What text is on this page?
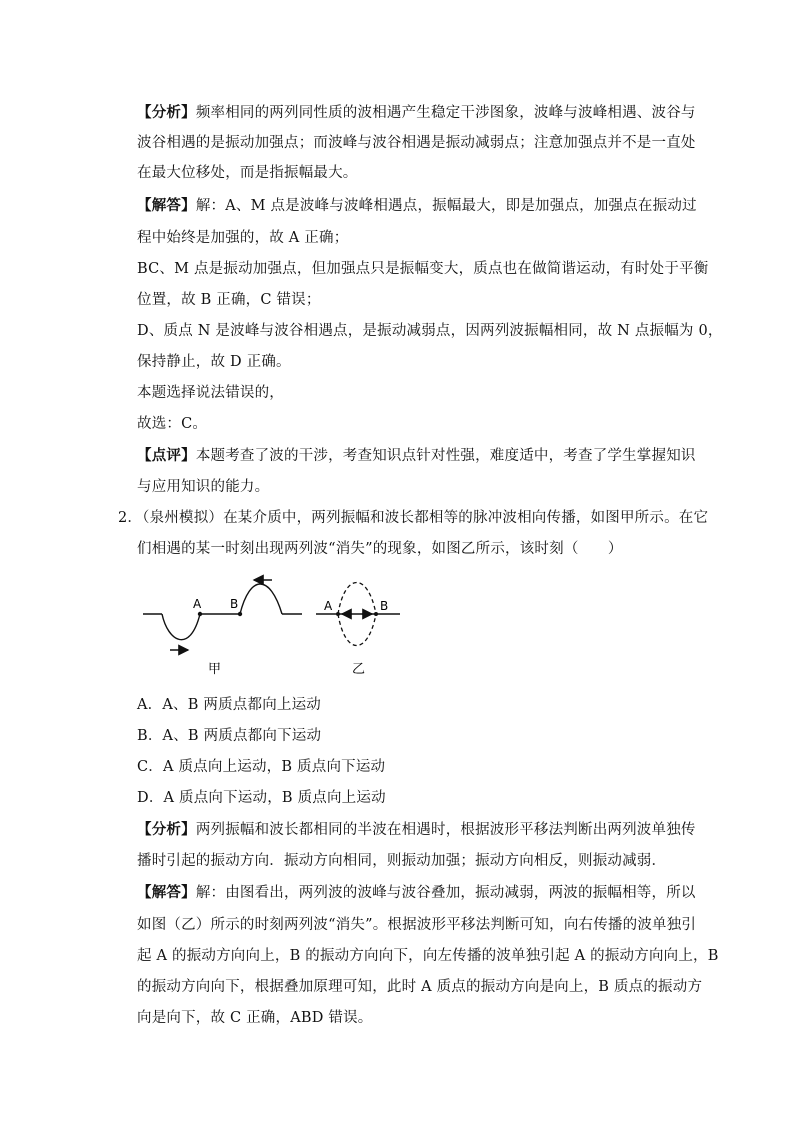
【分析】频率相同的两列同性质的波相遇产生稳定干涉图象，波峰与波峰相遇、波谷与
波谷相遇的是振动加强点；而波峰与波谷相遇是振动减弱点；注意加强点并不是一直处
在最大位移处，而是指振幅最大。
【解答】解：A、M 点是波峰与波峰相遇点，振幅最大，即是加强点，加强点在振动过
程中始终是加强的，故 A 正确；
BC、M 点是振动加强点，但加强点只是振幅变大，质点也在做简谐运动，有时处于平衡
位置，故 B 正确，C 错误；
D、质点 N 是波峰与波谷相遇点，是振动减弱点，因两列波振幅相同，故 N 点振幅为 0，
保持静止，故 D 正确。
本题选择说法错误的，
故选：C。
【点评】本题考查了波的干涉，考查知识点针对性强，难度适中，考查了学生掌握知识
与应用知识的能力。
2．（泉州模拟）在某介质中，两列振幅和波长都相等的脉冲波相向传播，如图甲所示。在它
们相遇的某一时刻出现两列波“消失”的现象，如图乙所示，该时刻（　　）
A B
甲
A	B
乙
A．A、B 两质点都向上运动
B．A、B 两质点都向下运动
C．A 质点向上运动，B 质点向下运动
D．A 质点向下运动，B 质点向上运动
【分析】两列振幅和波长都相同的半波在相遇时，根据波形平移法判断出两列波单独传
播时引起的振动方向．振动方向相同，则振动加强；振动方向相反，则振动减弱．
【解答】解：由图看出，两列波的波峰与波谷叠加，振动减弱，两波的振幅相等，所以
如图（乙）所示的时刻两列波“消失”。根据波形平移法判断可知，向右传播的波单独引
起 A 的振动方向向上，B 的振动方向向下，向左传播的波单独引起 A 的振动方向向上，B
的振动方向向下，根据叠加原理可知，此时 A 质点的振动方向是向上，B 质点的振动方
向是向下，故 C 正确，ABD 错误。
